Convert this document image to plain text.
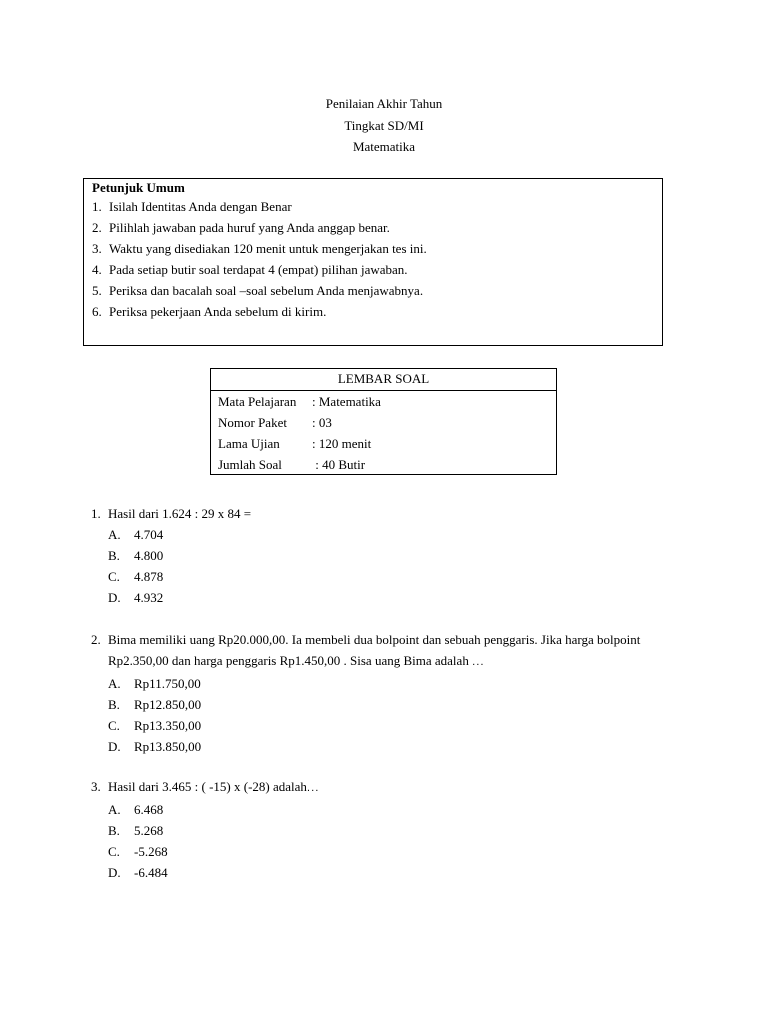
Penilaian Akhir Tahun
Tingkat SD/MI
Matematika
Petunjuk Umum
1. Isilah Identitas Anda dengan Benar
2. Pilihlah jawaban pada huruf yang Anda anggap benar.
3. Waktu yang disediakan 120 menit untuk mengerjakan tes ini.
4. Pada setiap butir soal terdapat 4 (empat) pilihan jawaban.
5. Periksa dan bacalah soal –soal sebelum Anda menjawabnya.
6. Periksa pekerjaan Anda sebelum di kirim.
LEMBAR SOAL
Mata Pelajaran	: Matematika
Nomor Paket	: 03
Lama Ujian	: 120 menit
Jumlah Soal	: 40 Butir
1. Hasil dari 1.624 : 29 x 84 =
A.	4.704
B.	4.800
C.	4.878
D.	4.932
2. Bima memiliki uang Rp20.000,00. Ia membeli dua bolpoint dan sebuah penggaris. Jika harga bolpoint Rp2.350,00 dan harga penggaris Rp1.450,00 . Sisa uang Bima adalah ...
A.	Rp11.750,00
B.	Rp12.850,00
C.	Rp13.350,00
D.	Rp13.850,00
3. Hasil dari 3.465 : ( -15) x (-28) adalah...
A.	6.468
B.	5.268
C.	-5.268
D.	-6.484
